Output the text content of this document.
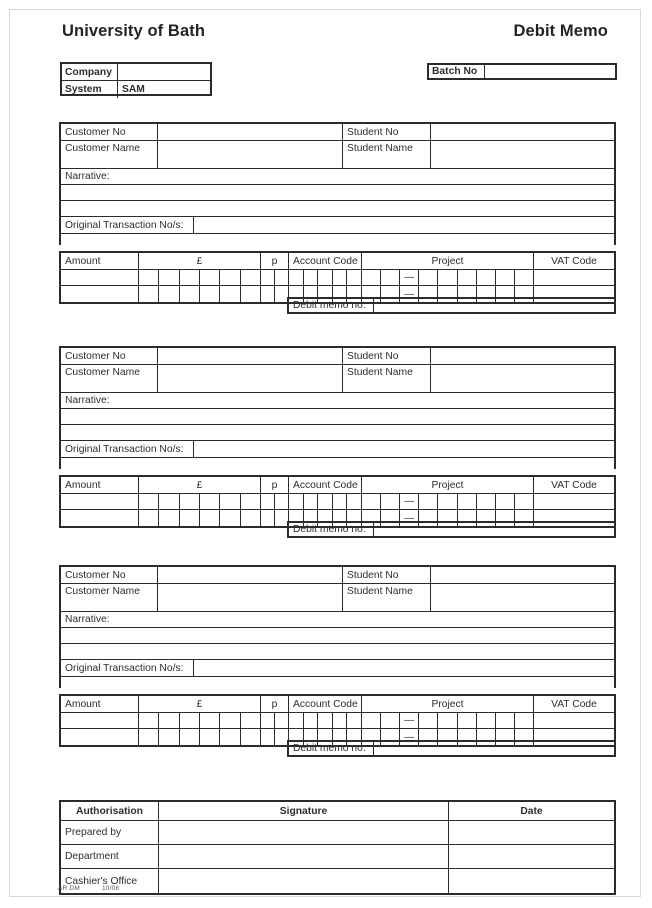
University of Bath	Debit Memo
Company
System	SAM
Batch No
Customer No	Student No
Customer Name	Student Name
Narrative:
Original Transaction No/s:
Amount	£	p	Account Code	Project	VAT Code
—
—
Debit memo no:
Customer No	Student No
Customer Name	Student Name
Narrative:
Original Transaction No/s:
Amount	£	p	Account Code	Project	VAT Code
—
—
Debit memo no:
Customer No	Student No
Customer Name	Student Name
Narrative:
Original Transaction No/s:
Amount	£	p	Account Code	Project	VAT Code
—
—
Debit memo no:
Authorisation	Signature	Date
Prepared by
Department
Cashier's Office
AR DM	10/08
